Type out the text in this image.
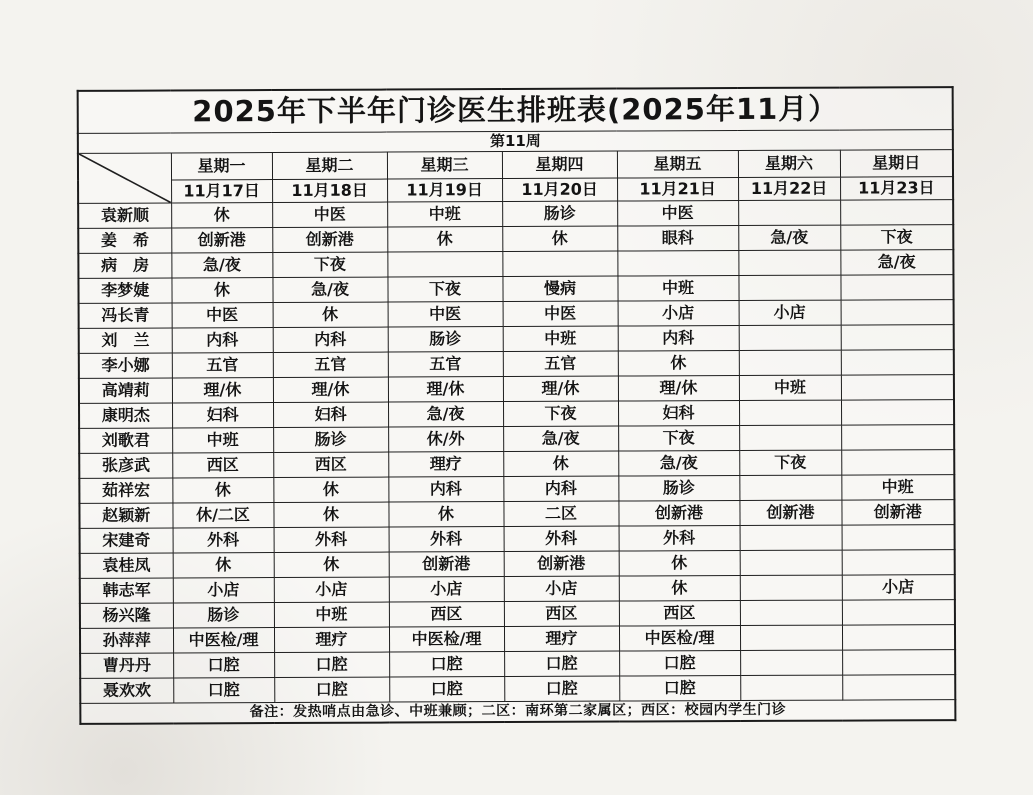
2025年下半年门诊医生排班表(2025年11月）							
第11周							

	星期一	星期二	星期三	星期四	星期五	星期六	星期日
	11月17日	11月18日	11月19日	11月20日	11月21日	11月22日	11月23日
袁新顺	休	中医	中班	肠诊	中医		
姜　希	创新港	创新港	休	休	眼科	急/夜	下夜
病　房	急/夜	下夜					急/夜
李梦婕	休	急/夜	下夜	慢病	中班		
冯长青	中医	休	中医	中医	小店	小店	
刘　兰	内科	内科	肠诊	中班	内科		
李小娜	五官	五官	五官	五官	休		
高靖莉	理/休	理/休	理/休	理/休	理/休	中班	
康明杰	妇科	妇科	急/夜	下夜	妇科		
刘歌君	中班	肠诊	休/外	急/夜	下夜		
张彦武	西区	西区	理疗	休	急/夜	下夜	
茹祥宏	休	休	内科	内科	肠诊		中班
赵颖新	休/二区	休	休	二区	创新港	创新港	创新港
宋建奇	外科	外科	外科	外科	外科		
袁桂凤	休	休	创新港	创新港	休		
韩志军	小店	小店	小店	小店	休		小店
杨兴隆	肠诊	中班	西区	西区	西区		
孙萍萍	中医检/理	理疗	中医检/理	理疗	中医检/理		
曹丹丹	口腔	口腔	口腔	口腔	口腔		
聂欢欢	口腔	口腔	口腔	口腔	口腔		
备注：发热哨点由急诊、中班兼顾；二区：南环第二家属区；西区：校园内学生门诊							
